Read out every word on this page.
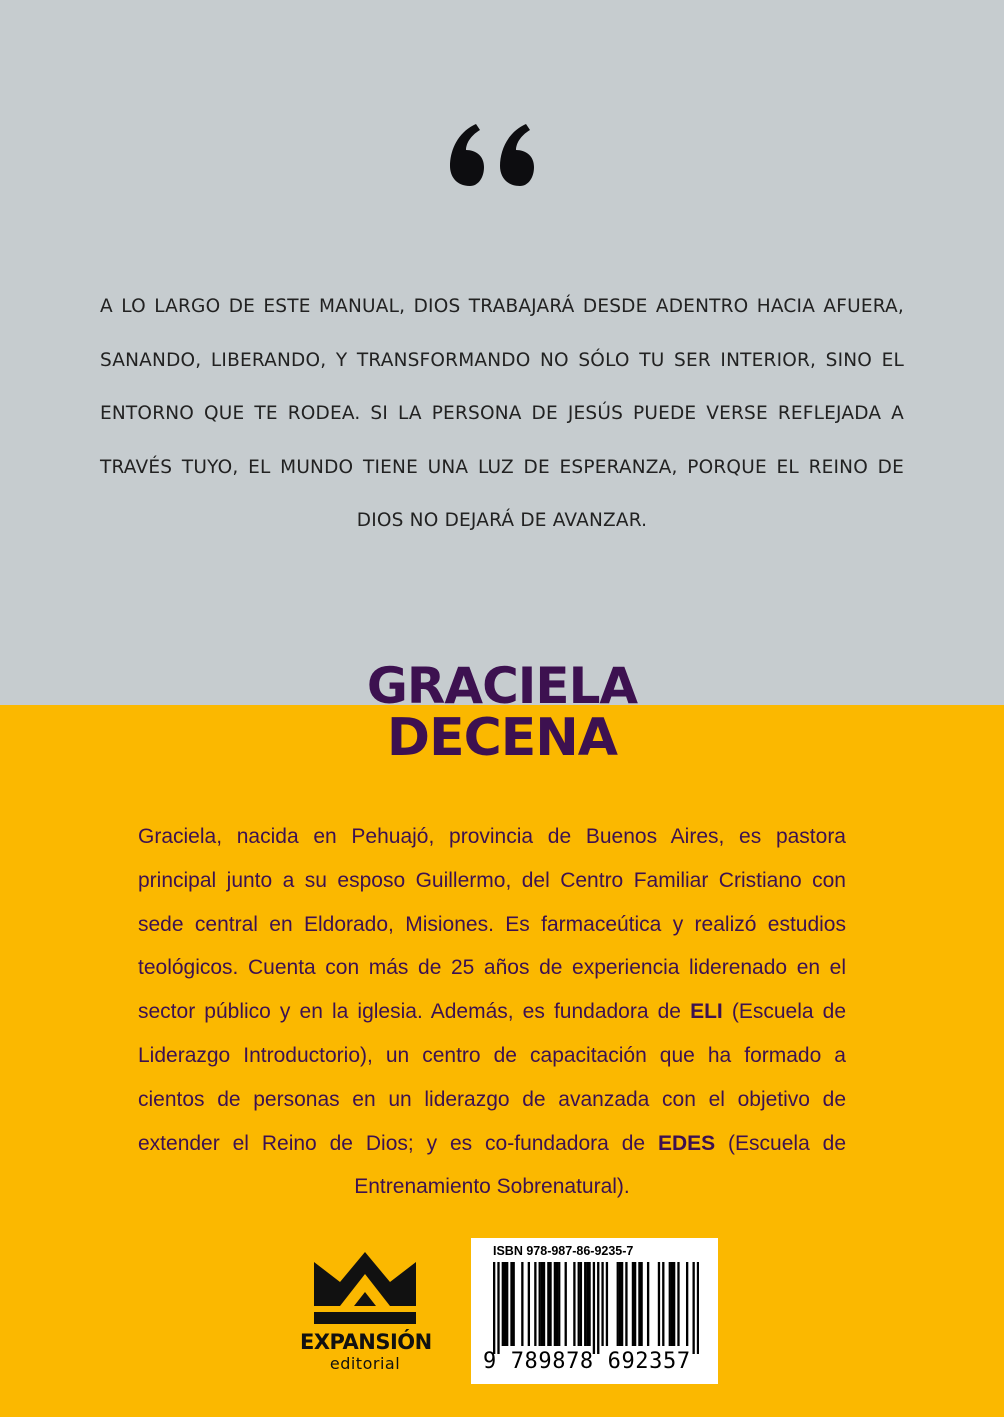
A LO LARGO DE ESTE MANUAL, DIOS TRABAJARÁ DESDE ADENTRO HACIA AFUERA, SANANDO, LIBERANDO, Y TRANSFORMANDO NO SÓLO TU SER INTERIOR, SINO EL ENTORNO QUE TE RODEA. SI LA PERSONA DE JESÚS PUEDE VERSE REFLEJADA A TRAVÉS TUYO, EL MUNDO TIENE UNA LUZ DE ESPERANZA, PORQUE EL REINO DE DIOS NO DEJARÁ DE AVANZAR.

GRACIELA
DECENA

Graciela, nacida en Pehuajó, provincia de Buenos Aires, es pastora principal junto a su esposo Guillermo, del Centro Familiar Cristiano con sede central en Eldorado, Misiones. Es farmaceútica y realizó estudios teológicos. Cuenta con más de 25 años de experiencia liderenado en el sector público y en la iglesia. Además, es fundadora de ELI (Escuela de Liderazgo Introductorio), un centro de capacitación que ha formado a cientos de personas en un liderazgo de avanzada con el objetivo de extender el Reino de Dios; y es co-fundadora de EDES (Escuela de Entrenamiento Sobrenatural).

EXPANSIÓN
editorial
ISBN 978-987-86-9235-7
9 789878 692357
